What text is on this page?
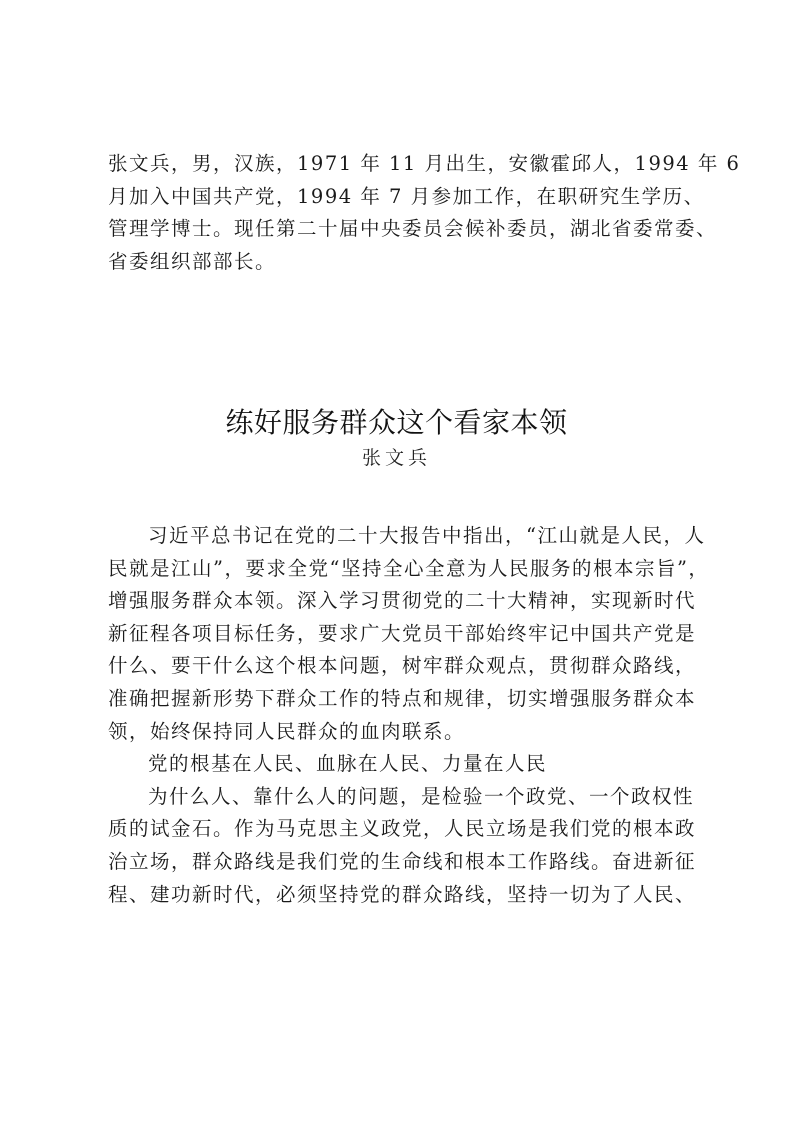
张文兵，男，汉族，1971 年 11 月出生，安徽霍邱人，1994 年 6
月加入中国共产党，1994 年 7 月参加工作，在职研究生学历、
管理学博士。现任第二十届中央委员会候补委员，湖北省委常委、
省委组织部部长。
练好服务群众这个看家本领
张文兵
习近平总书记在党的二十大报告中指出，“江山就是人民，人
民就是江山”，要求全党“坚持全心全意为人民服务的根本宗旨”，
增强服务群众本领。深入学习贯彻党的二十大精神，实现新时代
新征程各项目标任务，要求广大党员干部始终牢记中国共产党是
什么、要干什么这个根本问题，树牢群众观点，贯彻群众路线，
准确把握新形势下群众工作的特点和规律，切实增强服务群众本
领，始终保持同人民群众的血肉联系。
党的根基在人民、血脉在人民、力量在人民
为什么人、靠什么人的问题，是检验一个政党、一个政权性
质的试金石。作为马克思主义政党，人民立场是我们党的根本政
治立场，群众路线是我们党的生命线和根本工作路线。奋进新征
程、建功新时代，必须坚持党的群众路线，坚持一切为了人民、
